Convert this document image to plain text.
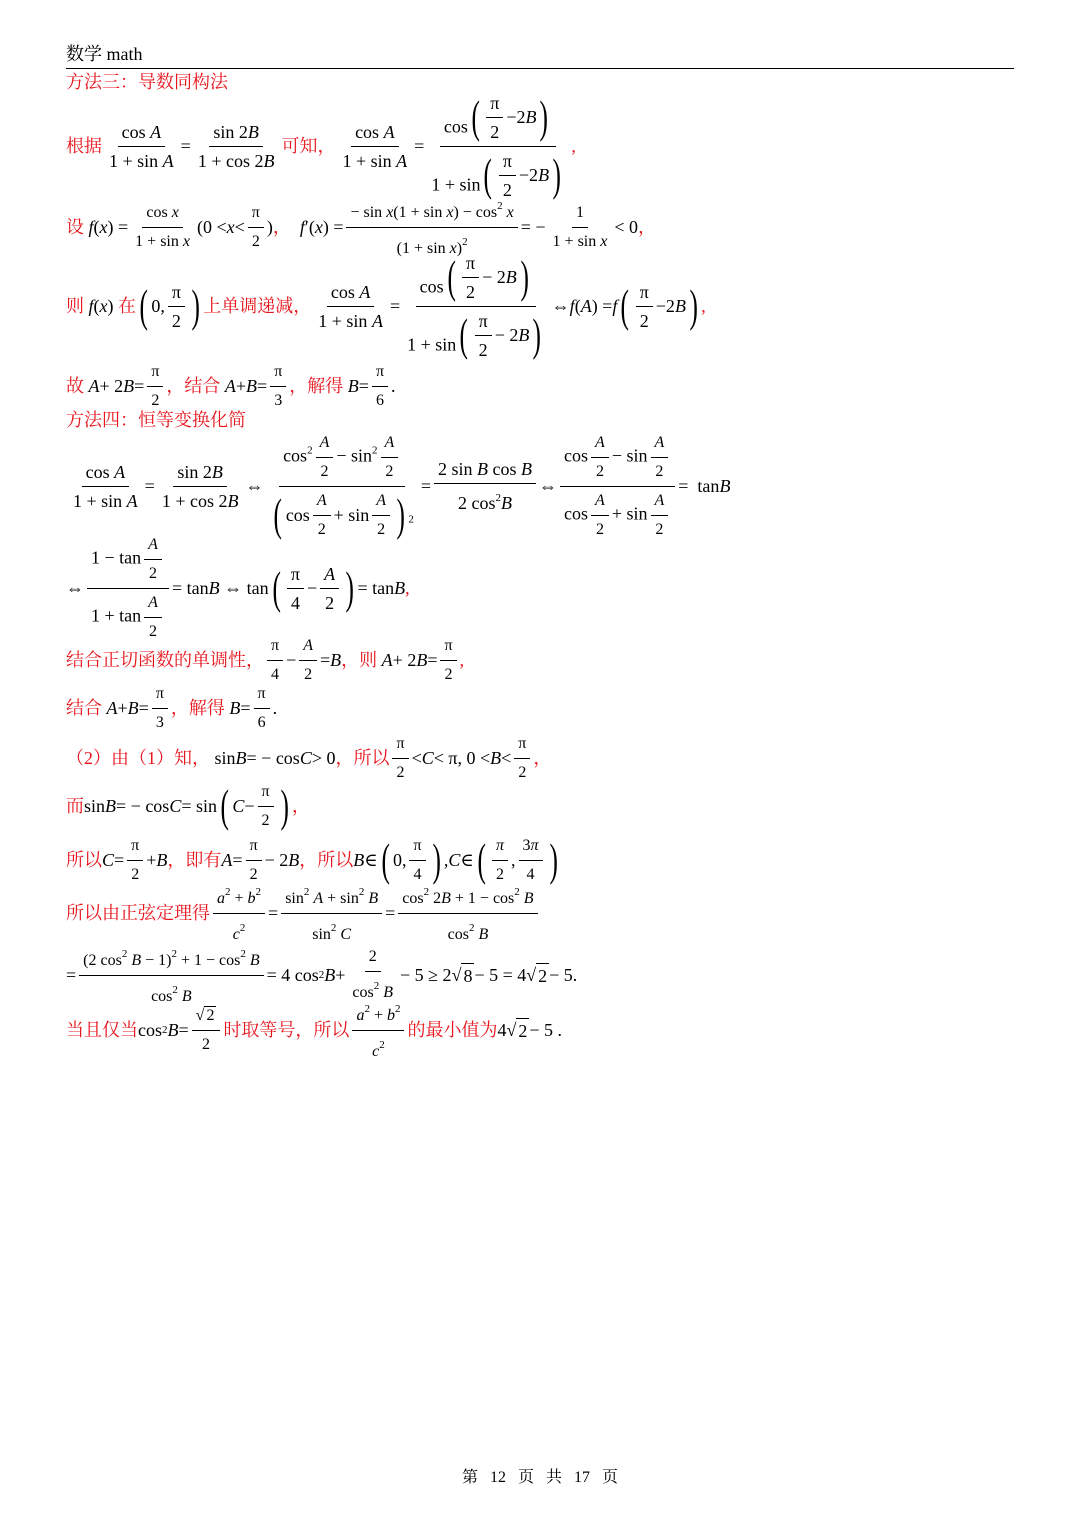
数学 math
方法三：导数同构法
根据 $\frac{\text{cos A}}{\text{1 + sin A}} = \frac{\sin 2B}{1 + \cos 2B}$ 可知， $\frac{\text{cos A}}{\text{1 + sin A}} = \frac{\cos ( \frac{\pi}{2} -2 B )}{1 + \sin ( \frac{\pi}{2} -2 B )}$ ,
设
f ( x ) = $\frac{\text{cos x}}{\text{1 + sin x}} (0 < x < \frac{\pi}{2}$ ) ，
f ′( x ) = $\frac{- \sin x(1 + \sin x) - \cos^2 x}{(1 + \sin x)^2}$ = − $\frac{1}{\text{1 + sin x}} < 0$ ，
则
f ( x ) 在 ( 0, $\frac{\pi}{2}$ ) 上单调递减， $\frac{\text{cos A}}{\text{1 + sin A}} = \frac{\cos ( \frac{\pi}{2} - 2 B )}{1 + \sin ( \frac{\pi}{2} - 2 B )}$ ⇔ f ( A ) = f ( $\frac{\pi}{2} -2$ B ) ,
故
A + 2 $B = \frac{\pi}{2}$ ，结合
$A + B = \frac{\pi}{3}$ ，解得
$B = \frac{\pi}{6}$ .
方法四：恒等变换化简
$\frac{\text{cos A}}{\text{1 + sin A}} = \frac{\sin 2B}{1 + \cos 2B}$ ⇔ $\frac{\cos^2 \frac{A}{2} - \sin^2 \frac{A}{2}}{( \cos \frac{A}{2} + \sin \frac{A}{2} ) ^2} = \frac{\text{2 sin B cos B}}{2 \cos^2B}$ ⇔ $\frac{\cos \frac{A}{2} - \sin \frac{A}{2}}{\cos \frac{A}{2} + \sin \frac{A}{2}} = \tan B$
⇔ $\frac{1 - \tan \frac{A}{2}}{1 + \tan \frac{A}{2}} = \tan B$ ⇔ tan ( $\frac{\pi}{4} - \frac{A}{2}$ ) = tan B ,
结合正切函数的单调性， $\frac{\pi}{4} - \frac{A}{2} = B$ ，则
A + 2 $B = \frac{\pi}{2}$ ,
结合
$A + B = \frac{\pi}{3}$ ，解得
$B = \frac{\pi}{6}$ .
（2）由（1）知， sin B = − cos C > 0 ，所以 $\frac{\pi}{2} < C < \pi$, $0 < B < \frac{\pi}{2}$ ，
而 sin B = − cos C = sin ( $C - \frac{\pi}{2}$ ) ，
所以 $C = \frac{\pi}{2} + B$ ，即有 $A = \frac{\pi}{2} - 2$ B ，所以 B ∈ ( 0, $\frac{\pi}{4}$ ) , C ∈ ( $\frac{\pi}{2}$ , $\frac{3\pi}{4}$ )
所以由正弦定理得 $\frac{a^2 + b^2}{c^2} = \frac{\sin^2 A + \sin^2 B}{\sin^2 C} = \frac{\cos^2 2B + 1 - \cos^2 B}{\cos^2 B}$
= $\frac{(2 \cos^2 B - 1)^2 + 1 - \cos^2 B}{\cos^2 B} = 4$ cos 2 $B + \frac{2}{\cos^2 B} - 5 \ge 2$ √ 8 − 5 = 4 √ 2 − 5.
当且仅当 cos 2 $B = \frac{√ 2}{2}$ 时取等号，所以 $\frac{a^2 + b^2}{c^2}$ 的最小值为 4 √ 2 − 5 .
第 12 页 共 17 页
